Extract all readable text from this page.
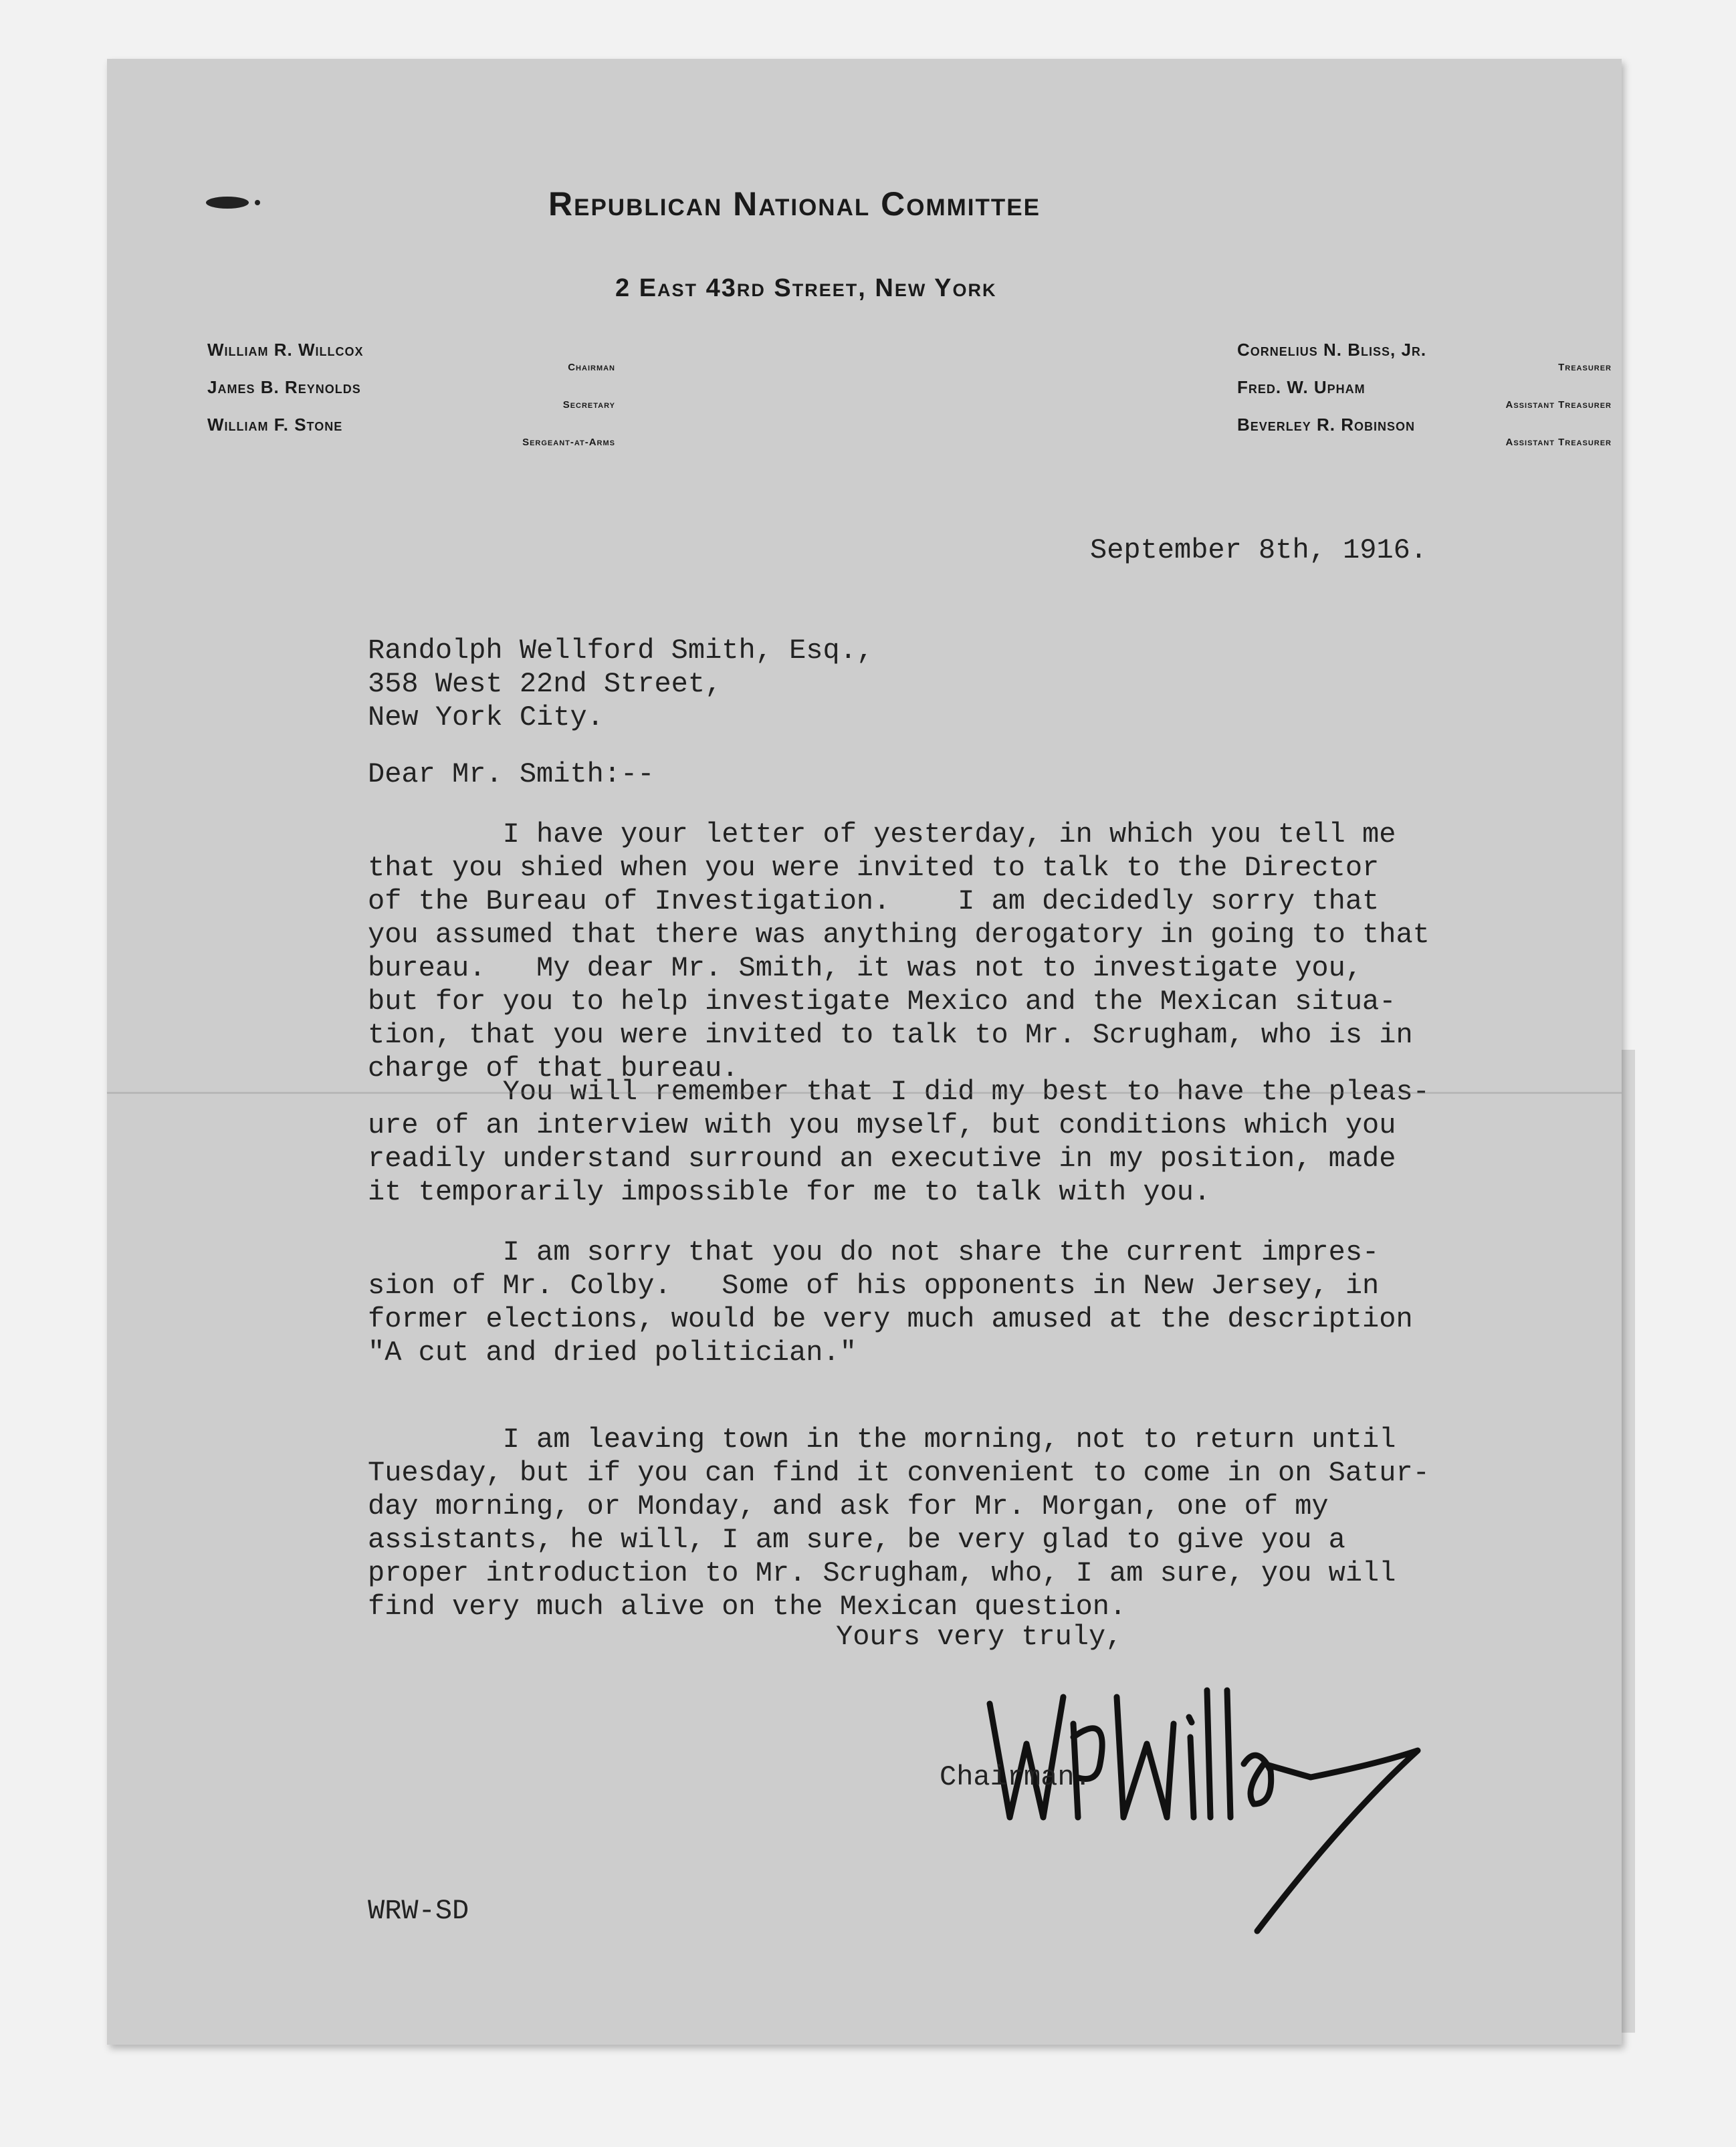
Republican National Committee
2 East 43rd Street, New York
William R. Willcox
Chairman
James B. Reynolds
Secretary
William F. Stone
Sergeant-at-Arms
Cornelius N. Bliss, Jr.
Treasurer
Fred. W. Upham
Assistant Treasurer
Beverley R. Robinson
Assistant Treasurer

September 8th, 1916.

Randolph Wellford Smith, Esq.,
358 West 22nd Street,
New York City.

Dear Mr. Smith:--

I have your letter of yesterday, in which you tell me
that you shied when you were invited to talk to the Director
of the Bureau of Investigation.    I am decidedly sorry that
you assumed that there was anything derogatory in going to that
bureau.   My dear Mr. Smith, it was not to investigate you,
but for you to help investigate Mexico and the Mexican situa-
tion, that you were invited to talk to Mr. Scrugham, who is in
charge of that bureau.
You will remember that I did my best to have the pleas-
ure of an interview with you myself, but conditions which you
readily understand surround an executive in my position, made
it temporarily impossible for me to talk with you.
I am sorry that you do not share the current impres-
sion of Mr. Colby.   Some of his opponents in New Jersey, in
former elections, would be very much amused at the description
"A cut and dried politician."
I am leaving town in the morning, not to return until
Tuesday, but if you can find it convenient to come in on Satur-
day morning, or Monday, and ask for Mr. Morgan, one of my
assistants, he will, I am sure, be very glad to give you a
proper introduction to Mr. Scrugham, who, I am sure, you will
find very much alive on the Mexican question.

Yours very truly,

Chairman.

WRW-SD
